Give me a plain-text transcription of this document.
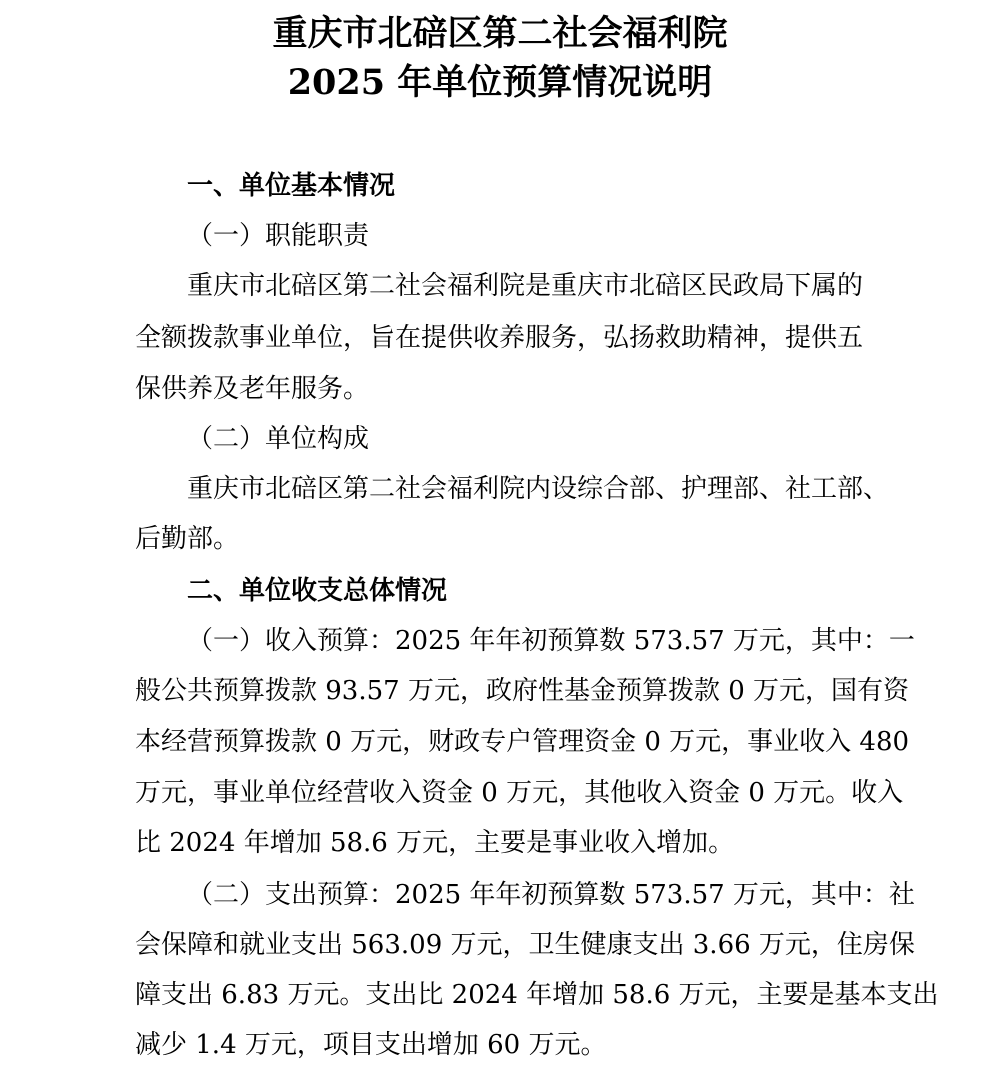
重庆市北碚区第二社会福利院
2025 年单位预算情况说明
一、单位基本情况
（一）职能职责
重庆市北碚区第二社会福利院是重庆市北碚区民政局下属的
全额拨款事业单位，旨在提供收养服务，弘扬救助精神，提供五
保供养及老年服务。
（二）单位构成
重庆市北碚区第二社会福利院内设综合部、护理部、社工部、
后勤部。
二、单位收支总体情况
（一）收入预算：2025 年年初预算数 573.57 万元，其中：一
般公共预算拨款 93.57 万元，政府性基金预算拨款 0 万元，国有资
本经营预算拨款 0 万元，财政专户管理资金 0 万元，事业收入 480
万元，事业单位经营收入资金 0 万元，其他收入资金 0 万元。收入
比 2024 年增加 58.6 万元，主要是事业收入增加。
（二）支出预算：2025 年年初预算数 573.57 万元，其中：社
会保障和就业支出 563.09 万元，卫生健康支出 3.66 万元，住房保
障支出 6.83 万元。支出比 2024 年增加 58.6 万元，主要是基本支出
减少 1.4 万元，项目支出增加 60 万元。
